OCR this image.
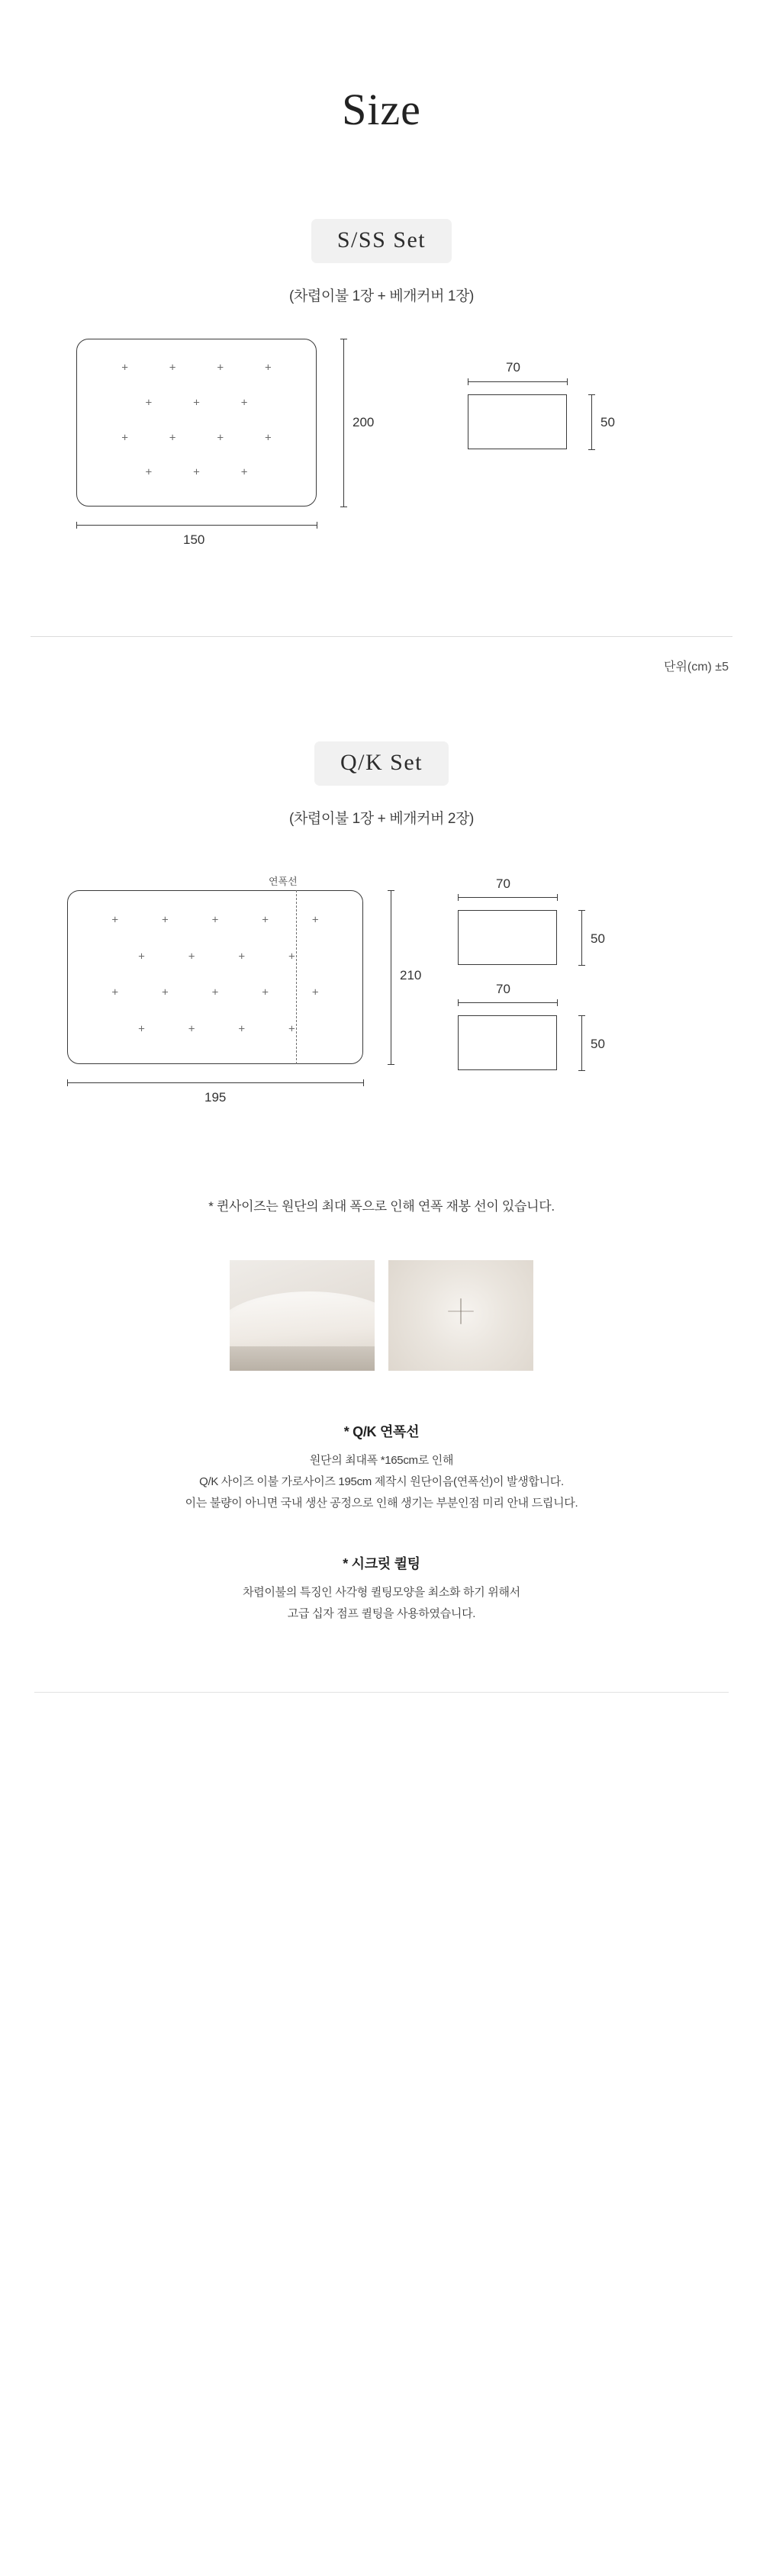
Size
S/SS Set
(차렵이불 1장 + 베개커버 1장)
+	+	+	+
+	+	+
+	+	+	+
+	+	+
200
150
70
50
단위(cm) ±5
Q/K Set
(차렵이불 1장 + 베개커버 2장)
+	+	+	+	+
+	+	+	+
+	+	+	+	+
+	+	+	+
연폭선
210
195
70
50
70
50
* 퀸사이즈는 원단의 최대 폭으로 인해 연폭 재봉 선이 있습니다.
* Q/K 연폭선
원단의 최대폭 *165cm로 인해
Q/K 사이즈 이불 가로사이즈 195cm 제작시 원단이음(연폭선)이 발생합니다.
이는 불량이 아니면 국내 생산 공정으로 인해 생기는 부분인점 미리 안내 드립니다.
* 시크릿 퀼팅
차렵이불의 특징인 사각형 퀼팅모양을 최소화 하기 위해서
고급 십자 점프 퀼팅을 사용하였습니다.
